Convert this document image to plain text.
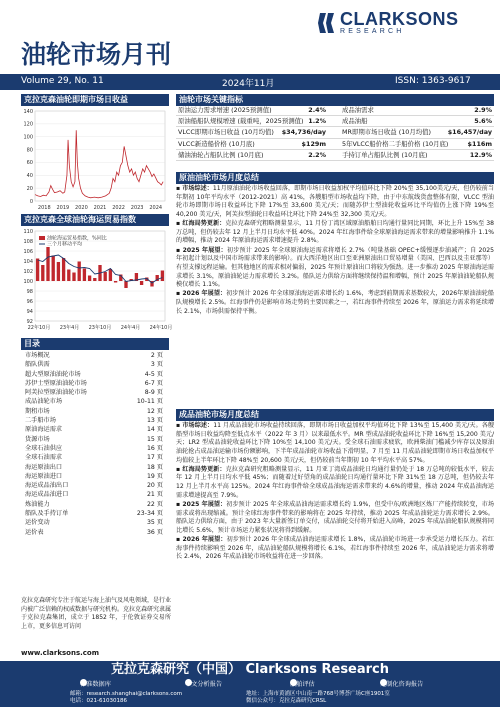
CLARKSONS
RESEARCH
油轮市场月刊
Volume 29, No. 11	2024年11月	ISSN: 1363-9617
克拉克森油轮即期市场日收益
0
20
40
60
80
100
120
140
2018 2019 2020 2021 2022 2023 2024
克拉克森全球油轮海运贸易指数
92
94
96
98
100
102
104
106
108
110
22年10月 23年4月 23年10月 24年4月 24年10月
油轮海运贸易指数，%同比
三个月移动平均
目录
市场概况	2 页
船队供需	3 页
超大型原油油轮市场	4-5 页
苏伊士型原油油轮市场	6-7 页
阿芙拉型原油油轮市场	8-9 页
成品油轮市场	10-11 页
期租市场	12 页
二手船市场	13 页
原油海运需求	14 页
货源市场	15 页
全球石油供应	16 页
全球石油需求	17 页
海运原油出口	18 页
海运原油进口	19 页
海运成品油出口	20 页
海运成品油进口	21 页
炼油能力	22 页
船队及手持订单	23-34 页
运价变动	35 页
运价表	36 页
克拉克森研究专注于航运与海上油气及风电领域，是行业内被广泛信赖的权威数据与研究机构。克拉克森研究隶属于克拉克森集团，成立于 1852 年，于伦敦证券交易所上市，更多信息可访问
www.clarksons.com
油轮市场关键指标
原油运力需求增速 (2025预测值)	2.4%	成品油需求	2.9%
原油船船队规模增速 (载重吨，2025预测值) 1.2%	成品油船	5.6%
VLCC即期市场日收益 (10月均值) $34,736/day	MR即期市场日收益 (10月均值)	$16,457/day
VLCC新造船价格 (10月底)	$129m	5年VLCC船价格二手船价格 (10月底)	$116m
储油油轮占船队比例 (10月底)	2.2%	手持订单占船队比例 (10月底)	12.9%
原油油轮市场月度总结

▪ 市场综述：11月原油油轮市场收益回落，即期市场日收益加权平均值环比下降 20%至 35,100美元/天，但仍较前当年期初 10年平均水平（2012-2021）高 41%，各艘船型市场收益均下降，由于中东航线货盘整体有限，VLCC 型油轮市场即期市场日收益环比下降 17%至 33,600 美元/天；而随苏伊士型油轮收益环比平均值仍上涨下降 19%至 40,200 美元/天，阿芙拉型油轮日收益环比环比下降 24%至 32,300 美元/天。

▪ 红海局势更新：克拉克森研究粗略测量显示，11 月份丁湾区域原油船舶日均通行量同比同期，环比上升 15%至 38 万总吨，但仍较去年 12 月上半月日均水平低 40%。2024 年红海事件给全球原油海运需求带来的增量影响推升 1.1%的增幅，推动 2024 年原油海运需求增速提升 2.8%。

▪ 2025 年展望：初步预计 2025 年全球原油海运需求将增长 2.7%（吨量基础 OPEC+缓慢逐步油减产；自 2025 年初起计划以及中国市场需求带来的影响）。而大西洋地区出口至亚洲原油出口贸易增量（美国、巴西以及圭亚那等）有望支撑远程运输。但其他地区的需求相对偏弱，2025 年预计原油出口将较为强劲。进一步推动 2025 年原油海运需求增长 3.1%，原油油轮运力需求增长 3.2%。船队运力供给方面将继续保持温和增幅，预计 2025 年原油油轮船队规模仅增长 1.1%。

▪ 2026 年展望：初步预计 2026 年全球原油海运需求增长约 1.6%，考虑到前期需求基数较大，2026年原油油轮船队规模增长 2.5%。红海事件仍是影响市场走势的主要因素之一，若红海事件持续至 2026 年，原油运力需求将延续增长 2.1%，市场供需保持平衡。

成品油轮市场月度总结

▪ 市场综述：11 月成品油轮市场收益持续回落，即期市场日收益加权平均值环比下降 13%至 15,400 美元/天。各艘船型市场日收益均降至低点水平（2022 年 3 月）以来最低水平。MR 型成品油轮收益环比下降 16%至 15,200 美元/天；LR2 型成品油轮收益环比下降 10%至 14,100 美元/天。受全球石油需求疲软，欧洲柴油门槛减少库存以及原油油轮抢占成品油运输市场份额影响，下半年成品油轮市场收益下滑明显，7 月至 11 月成品油轮即期市场日收益加权平均值较上半年环比下降 48%至 20,600 美元/天，但仍较前当年期初 10 年平均水平高 57%。

▪ 红海局势更新：克拉克森研究粗略测量显示，11 月亚丁湾成品油轮日均通行量仍处于 18 万总吨的较低水平，较去年 12 月上半月日均水平低 45%；而随着过好望角的成品油轮日均通行量环比下降 31%至 18 万总吨，但仍较去年 12 月上半月水平高 125%。2024 年红海事件给全球成品油海运需求带来约 4.6%的增量，推动 2024 年成品油海运需求增速提高至 7.9%。

▪ 2025 年展望：初步预计 2025 年全球成品油海运需求增长约 1.9%，但受中东/欧洲地区炼厂产能持续转变，市场需求或将出现缩减。预计全球红海事件带来的影响将在 2025 年持续，推动 2025 年成品油轮运力需求增长 2.9%。船队运力供给方面，由于 2023 年大量新签订单交付，成品油轮交付将开始进入高峰，2025 年成品油轮船队规模将同比增长 5.6%，预计市场运力紧张状况将得到缓解。

▪ 2026 年展望：初步预计 2026 年全球成品油海运需求增长 1.8%，成品油轮市场进一步承受运力增长压力。若红海事件持续影响至 2026 年，成品油轮船队规模将增长 6.1%，若红海事件持续至 2026 年，成品油轮运力需求将增长 2.4%，2026 年成品油轮市场收益将在进一步回落。

克拉克森研究（中国） Clarksons Research
标准数据库	中文分析报告	船舶评估	定制化咨询报告
邮箱：research.shanghai@clarksons.com
电话：021-61030186
地址：上海市黄浦区中山南一路768号博荟广场C座1901室
微信公众号：克拉克森研究CRSL
